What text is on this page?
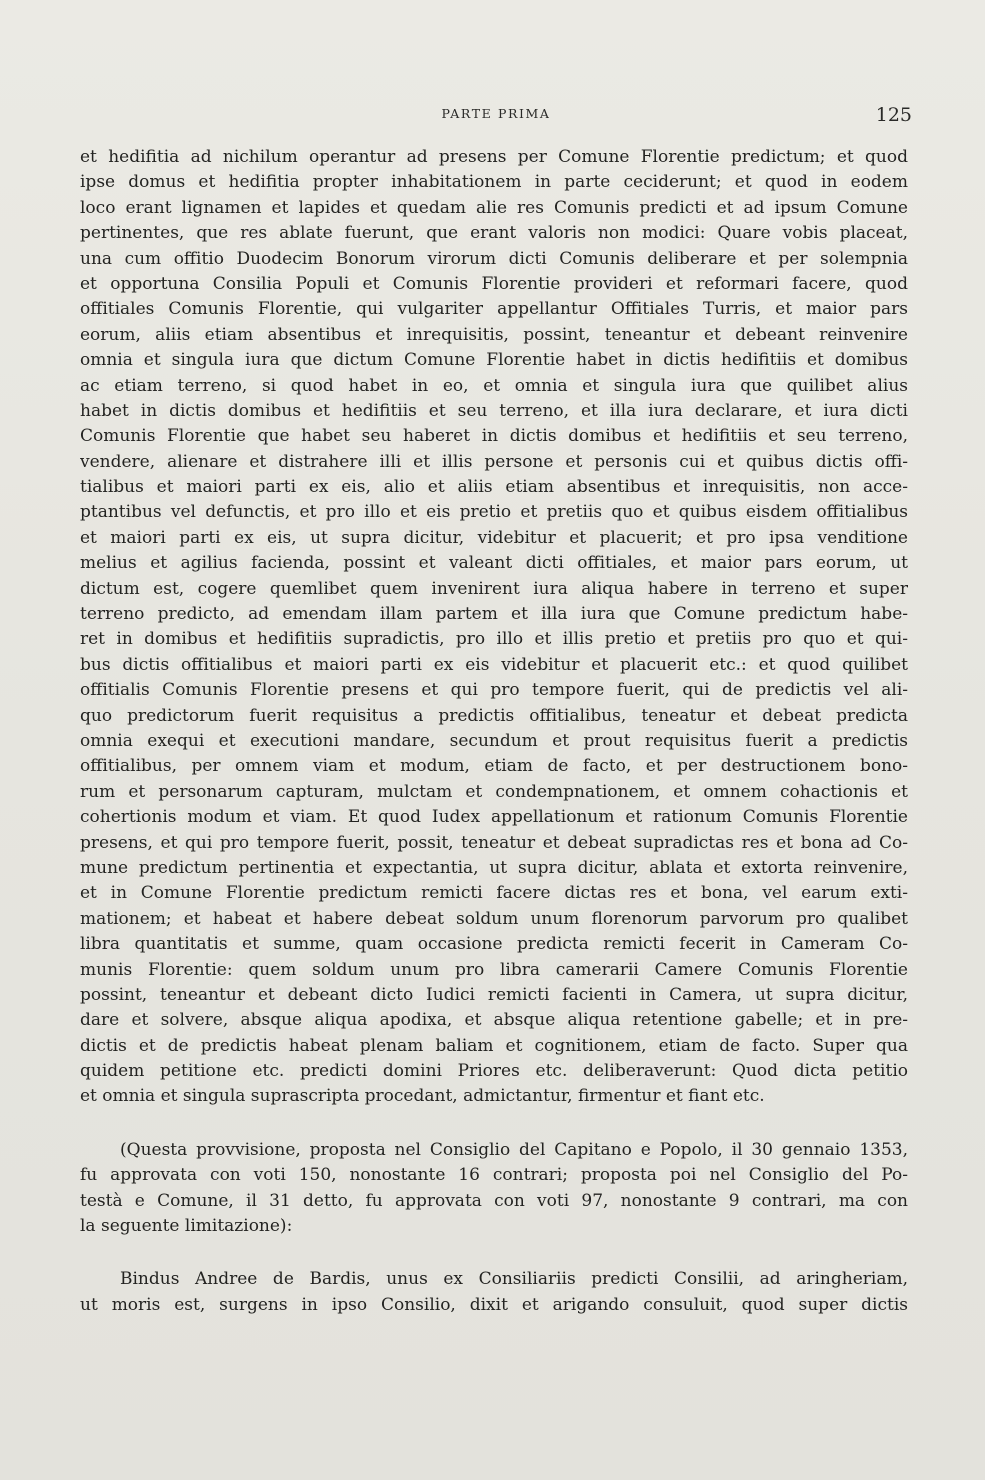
PARTE PRIMA	125
et hedifitia ad nichilum operantur ad presens per Comune Florentie predictum; et quod
ipse domus et hedifitia propter inhabitationem in parte ceciderunt; et quod in eodem
loco erant lignamen et lapides et quedam alie res Comunis predicti et ad ipsum Comune
pertinentes, que res ablate fuerunt, que erant valoris non modici: Quare vobis placeat,
una cum offitio Duodecim Bonorum virorum dicti Comunis deliberare et per solempnia
et opportuna Consilia Populi et Comunis Florentie provideri et reformari facere, quod
offitiales Comunis Florentie, qui vulgariter appellantur Offitiales Turris, et maior pars
eorum, aliis etiam absentibus et inrequisitis, possint, teneantur et debeant reinvenire
omnia et singula iura que dictum Comune Florentie habet in dictis hedifitiis et domibus
ac etiam terreno, si quod habet in eo, et omnia et singula iura que quilibet alius
habet in dictis domibus et hedifitiis et seu terreno, et illa iura declarare, et iura dicti
Comunis Florentie que habet seu haberet in dictis domibus et hedifitiis et seu terreno,
vendere, alienare et distrahere illi et illis persone et personis cui et quibus dictis offi-
tialibus et maiori parti ex eis, alio et aliis etiam absentibus et inrequisitis, non acce-
ptantibus vel defunctis, et pro illo et eis pretio et pretiis quo et quibus eisdem offitialibus
et maiori parti ex eis, ut supra dicitur, videbitur et placuerit; et pro ipsa venditione
melius et agilius facienda, possint et valeant dicti offitiales, et maior pars eorum, ut
dictum est, cogere quemlibet quem invenirent iura aliqua habere in terreno et super
terreno predicto, ad emendam illam partem et illa iura que Comune predictum habe-
ret in domibus et hedifitiis supradictis, pro illo et illis pretio et pretiis pro quo et qui-
bus dictis offitialibus et maiori parti ex eis videbitur et placuerit etc.: et quod quilibet
offitialis Comunis Florentie presens et qui pro tempore fuerit, qui de predictis vel ali-
quo predictorum fuerit requisitus a predictis offitialibus, teneatur et debeat predicta
omnia exequi et executioni mandare, secundum et prout requisitus fuerit a predictis
offitialibus, per omnem viam et modum, etiam de facto, et per destructionem bono-
rum et personarum capturam, mulctam et condempnationem, et omnem cohactionis et
cohertionis modum et viam. Et quod Iudex appellationum et rationum Comunis Florentie
presens, et qui pro tempore fuerit, possit, teneatur et debeat supradictas res et bona ad Co-
mune predictum pertinentia et expectantia, ut supra dicitur, ablata et extorta reinvenire,
et in Comune Florentie predictum remicti facere dictas res et bona, vel earum exti-
mationem; et habeat et habere debeat soldum unum florenorum parvorum pro qualibet
libra quantitatis et summe, quam occasione predicta remicti fecerit in Cameram Co-
munis Florentie: quem soldum unum pro libra camerarii Camere Comunis Florentie
possint, teneantur et debeant dicto Iudici remicti facienti in Camera, ut supra dicitur,
dare et solvere, absque aliqua apodixa, et absque aliqua retentione gabelle; et in pre-
dictis et de predictis habeat plenam baliam et cognitionem, etiam de facto. Super qua
quidem petitione etc. predicti domini Priores etc. deliberaverunt: Quod dicta petitio
et omnia et singula suprascripta procedant, admictantur, firmentur et fiant etc.
(Questa provvisione, proposta nel Consiglio del Capitano e Popolo, il 30 gennaio 1353,
fu approvata con voti 150, nonostante 16 contrari; proposta poi nel Consiglio del Po-
testà e Comune, il 31 detto, fu approvata con voti 97, nonostante 9 contrari, ma con
la seguente limitazione):
Bindus Andree de Bardis, unus ex Consiliariis predicti Consilii, ad aringheriam,
ut moris est, surgens in ipso Consilio, dixit et arigando consuluit, quod super dictis
